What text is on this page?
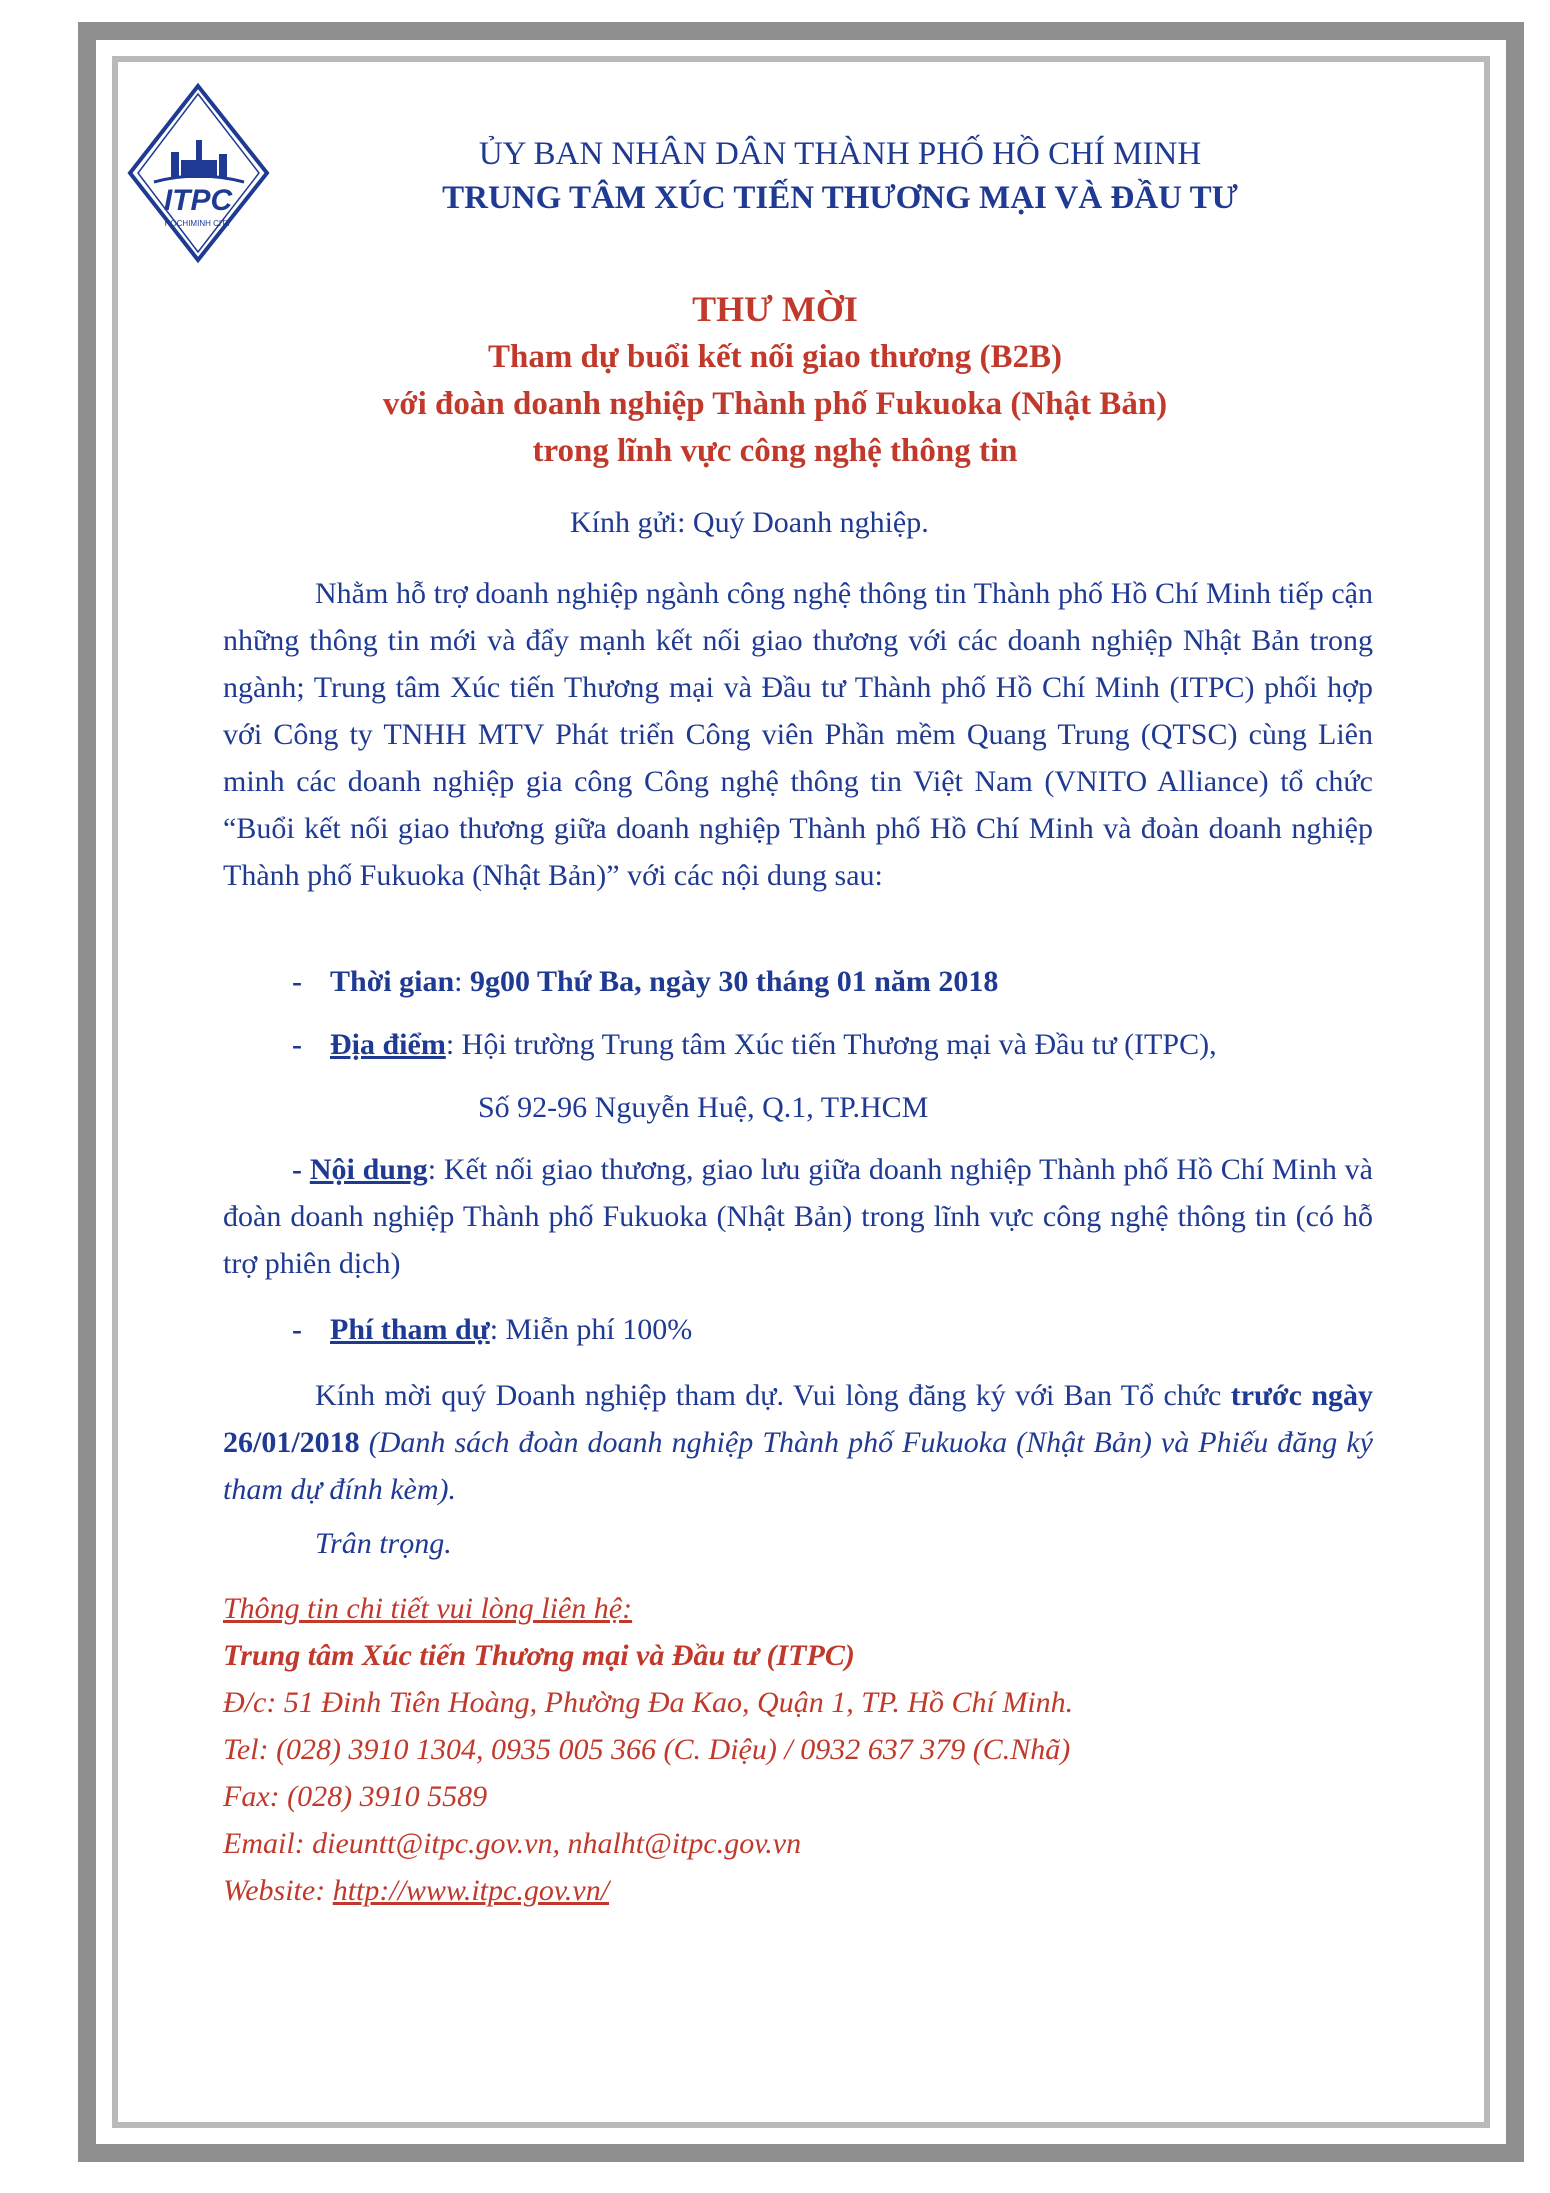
ITPC
HOCHIMINH CITY
ỦY BAN NHÂN DÂN THÀNH PHỐ HỒ CHÍ MINH
TRUNG TÂM XÚC TIẾN THƯƠNG MẠI VÀ ĐẦU TƯ
THƯ MỜI
Tham dự buổi kết nối giao thương (B2B)
với đoàn doanh nghiệp Thành phố Fukuoka (Nhật Bản)
trong lĩnh vực công nghệ thông tin
Kính gửi: Quý Doanh nghiệp.
Nhằm hỗ trợ doanh nghiệp ngành công nghệ thông tin Thành phố Hồ Chí Minh tiếp cận những thông tin mới và đẩy mạnh kết nối giao thương với các doanh nghiệp Nhật Bản trong ngành; Trung tâm Xúc tiến Thương mại và Đầu tư Thành phố Hồ Chí Minh (ITPC) phối hợp với Công ty TNHH MTV Phát triển Công viên Phần mềm Quang Trung (QTSC) cùng Liên minh các doanh nghiệp gia công Công nghệ thông tin Việt Nam (VNITO Alliance) tổ chức “Buổi kết nối giao thương giữa doanh nghiệp Thành phố Hồ Chí Minh và đoàn doanh nghiệp Thành phố Fukuoka (Nhật Bản)” với các nội dung sau:
- Thời gian: 9g00 Thứ Ba, ngày 30 tháng 01 năm 2018
- Địa điểm: Hội trường Trung tâm Xúc tiến Thương mại và Đầu tư (ITPC),
Số 92-96 Nguyễn Huệ, Q.1, TP.HCM
- Nội dung: Kết nối giao thương, giao lưu giữa doanh nghiệp Thành phố Hồ Chí Minh và đoàn doanh nghiệp Thành phố Fukuoka (Nhật Bản) trong lĩnh vực công nghệ thông tin (có hỗ trợ phiên dịch)
- Phí tham dự: Miễn phí 100%
Kính mời quý Doanh nghiệp tham dự. Vui lòng đăng ký với Ban Tổ chức trước ngày 26/01/2018 (Danh sách đoàn doanh nghiệp Thành phố Fukuoka (Nhật Bản) và Phiếu đăng ký tham dự đính kèm).
Trân trọng.
Thông tin chi tiết vui lòng liên hệ:
Trung tâm Xúc tiến Thương mại và Đầu tư (ITPC)
Đ/c: 51 Đinh Tiên Hoàng, Phường Đa Kao, Quận 1, TP. Hồ Chí Minh.
Tel: (028) 3910 1304, 0935 005 366 (C. Diệu) / 0932 637 379 (C.Nhã)
Fax: (028) 3910 5589
Email: dieuntt@itpc.gov.vn, nhalht@itpc.gov.vn
Website: http://www.itpc.gov.vn/
